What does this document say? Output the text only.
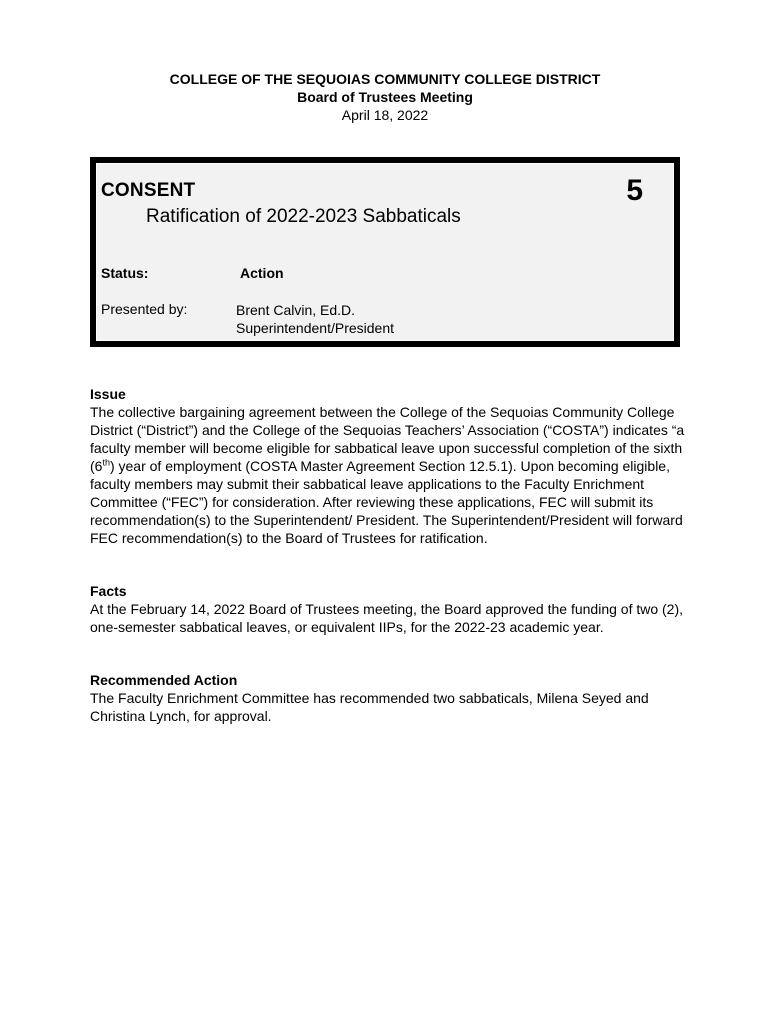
COLLEGE OF THE SEQUOIAS COMMUNITY COLLEGE DISTRICT
Board of Trustees Meeting
April 18, 2022
CONSENT	5
Ratification of 2022-2023 Sabbaticals
Status:	Action
Presented by:	Brent Calvin, Ed.D.
Superintendent/President
Issue

The collective bargaining agreement between the College of the Sequoias Community College District (“District”) and the College of the Sequoias Teachers’ Association (“COSTA”) indicates “a faculty member will become eligible for sabbatical leave upon successful completion of the sixth (6th) year of employment (COSTA Master Agreement Section 12.5.1). Upon becoming eligible, faculty members may submit their sabbatical leave applications to the Faculty Enrichment Committee (“FEC”) for consideration. After reviewing these applications, FEC will submit its recommendation(s) to the Superintendent/ President. The Superintendent/President will forward FEC recommendation(s) to the Board of Trustees for ratification.

Facts

At the February 14, 2022 Board of Trustees meeting, the Board approved the funding of two (2), one-semester sabbatical leaves, or equivalent IIPs, for the 2022-23 academic year.

Recommended Action

The Faculty Enrichment Committee has recommended two sabbaticals, Milena Seyed and Christina Lynch, for approval.
